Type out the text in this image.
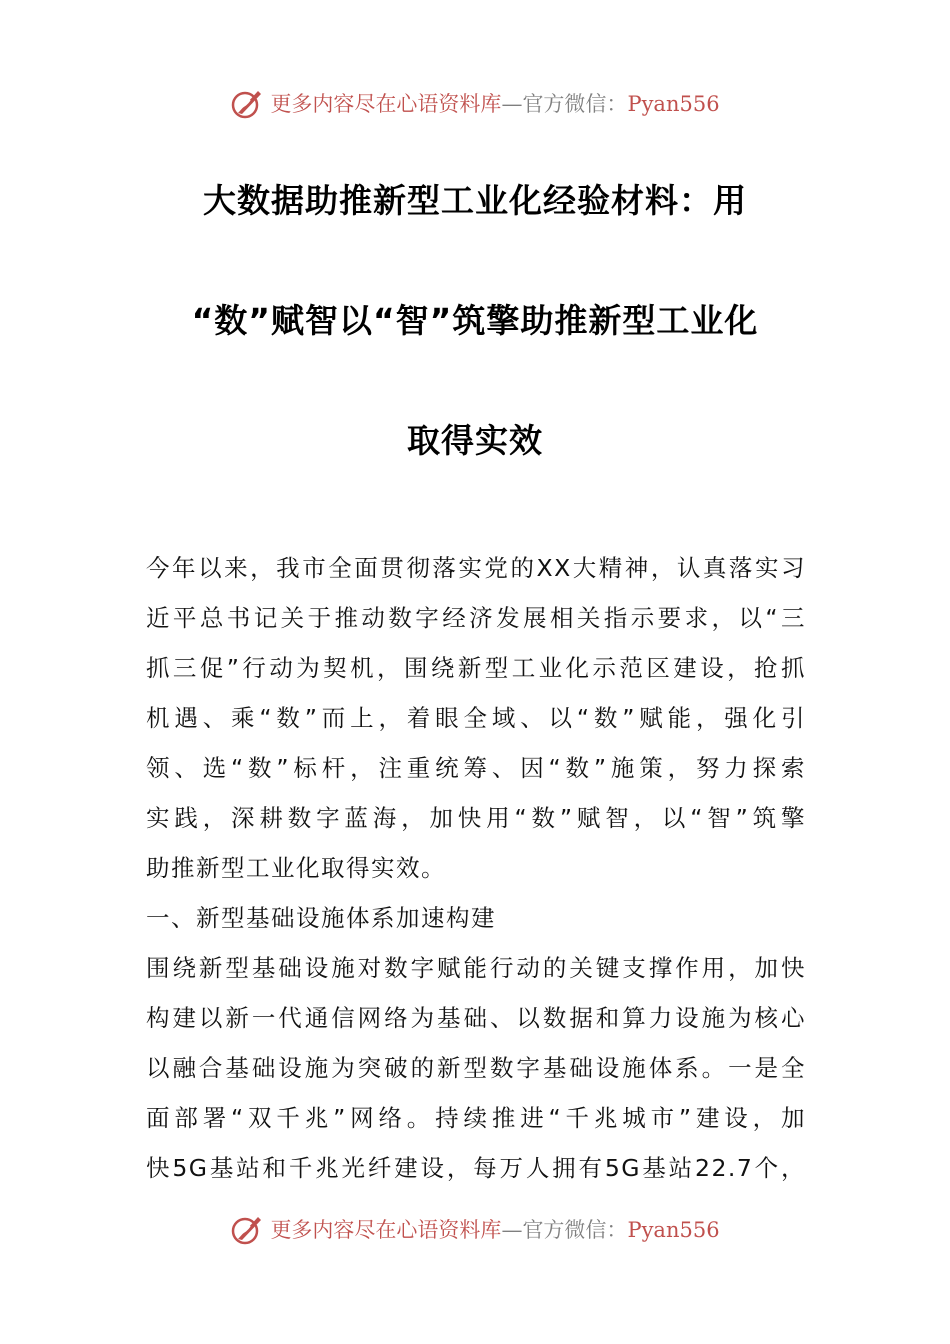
更多内容尽在心语资料库—官方微信：Pyan556
大数据助推新型工业化经验材料：用
“数”赋智以“智”筑擎助推新型工业化
取得实效
今年以来，我市全面贯彻落实党的XX大精神，认真落实习
近平总书记关于推动数字经济发展相关指示要求，以“三
抓三促”行动为契机，围绕新型工业化示范区建设，抢抓
机遇、乘“数”而上，着眼全域、以“数”赋能，强化引
领、选“数”标杆，注重统筹、因“数”施策，努力探索
实践，深耕数字蓝海，加快用“数”赋智，以“智”筑擎
助推新型工业化取得实效。
一、新型基础设施体系加速构建
围绕新型基础设施对数字赋能行动的关键支撑作用，加快
构建以新一代通信网络为基础、以数据和算力设施为核心
以融合基础设施为突破的新型数字基础设施体系。一是全
面部署“双千兆”网络。持续推进“千兆城市”建设，加
快5G基站和千兆光纤建设，每万人拥有5G基站22.7个，
更多内容尽在心语资料库—官方微信：Pyan556
